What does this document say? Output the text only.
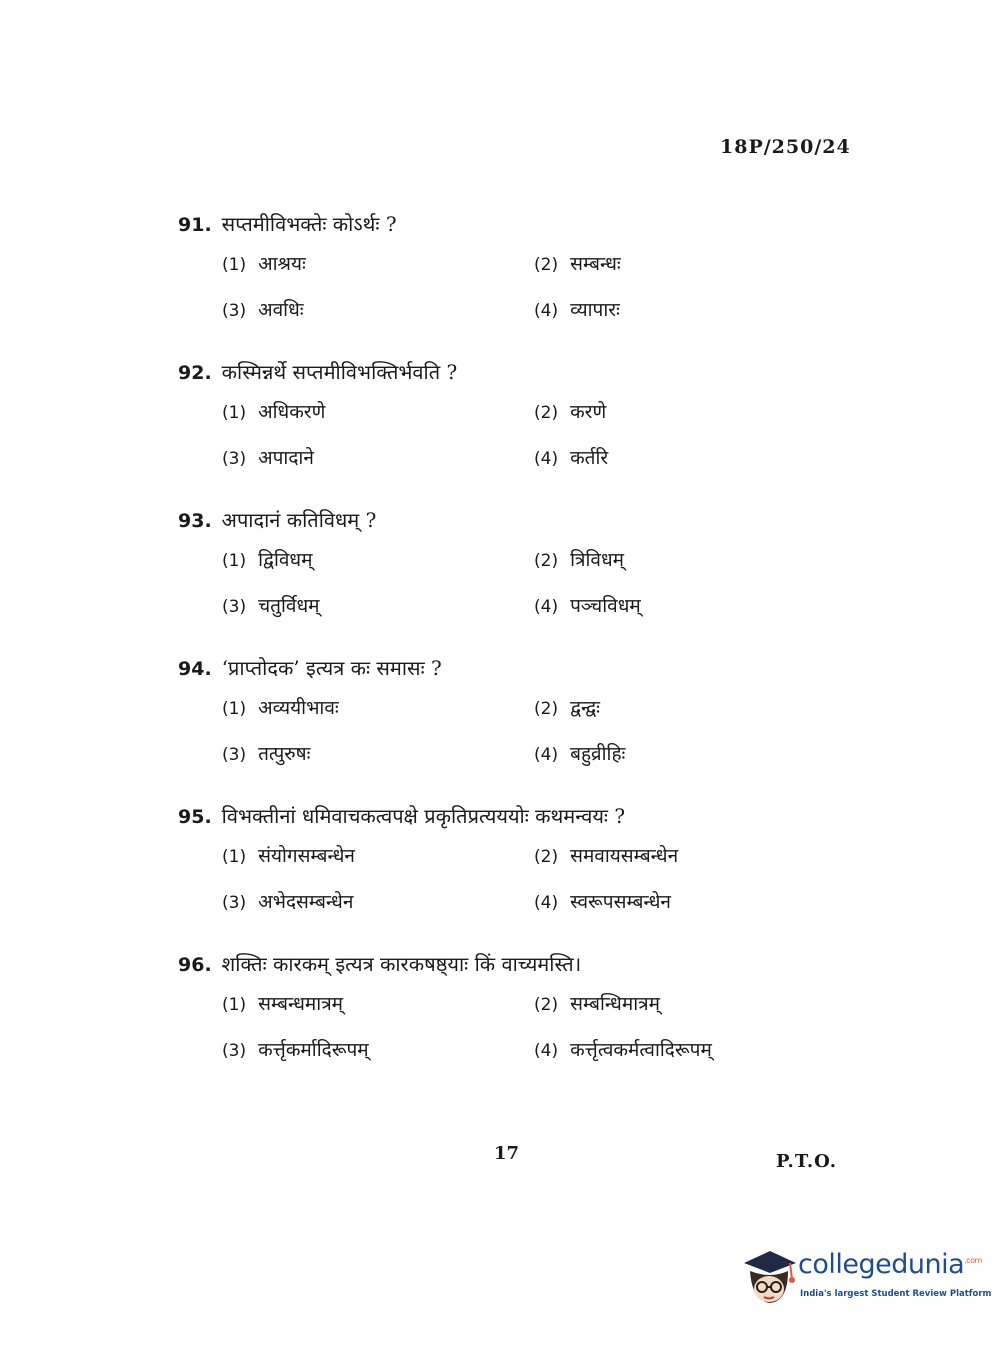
18P/250/24
91. सप्तमीविभक्तेः कोऽर्थः ?
(1) आश्रयः	(2) सम्बन्धः
(3) अवधिः	(4) व्यापारः
92. कस्मिन्नर्थे सप्तमीविभक्तिर्भवति ?
(1) अधिकरणे	(2) करणे
(3) अपादाने	(4) कर्तरि
93. अपादानं कतिविधम् ?
(1) द्विविधम्	(2) त्रिविधम्
(3) चतुर्विधम्	(4) पञ्चविधम्
94. ‘प्राप्तोदक’ इत्यत्र कः समासः ?
(1) अव्ययीभावः	(2) द्वन्द्वः
(3) तत्पुरुषः	(4) बहुव्रीहिः
95. विभक्तीनां धमिवाचकत्वपक्षे प्रकृतिप्रत्यययोः कथमन्वयः ?
(1) संयोगसम्बन्धेन	(2) समवायसम्बन्धेन
(3) अभेदसम्बन्धेन	(4) स्वरूपसम्बन्धेन
96. शक्तिः कारकम् इत्यत्र कारकषष्ठ्याः किं वाच्यमस्ति।
(1) सम्बन्धमात्रम्	(2) सम्बन्धिमात्रम्
(3) कर्त्तृकर्मादिरूपम्	(4) कर्त्तृत्वकर्मत्वादिरूपम्
17	P.T.O.
collegedunia$^{.com}$
India's largest Student Review Platform
